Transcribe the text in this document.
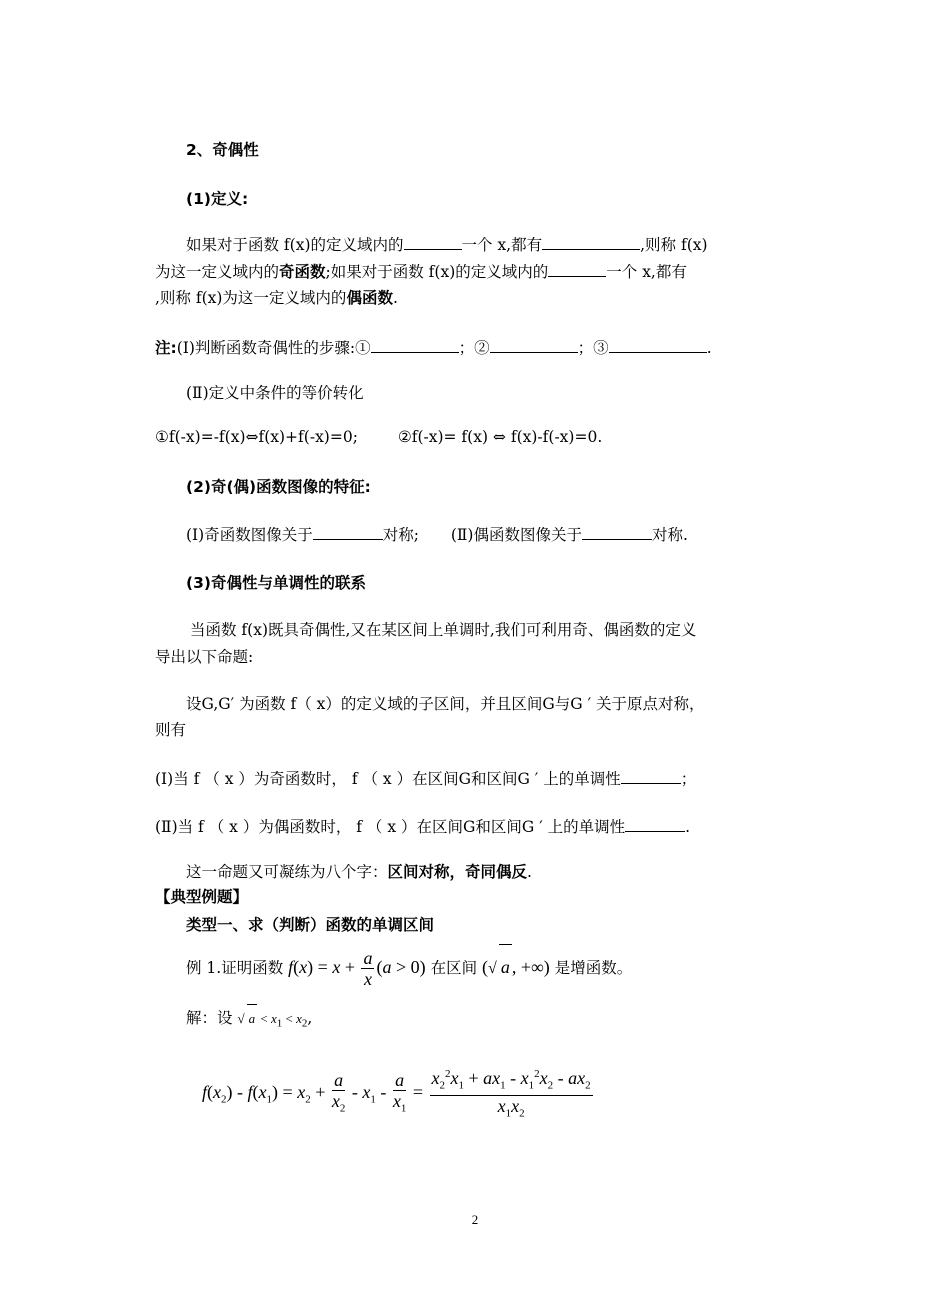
2、奇偶性
(1)定义:
如果对于函数 f(x)的定义域内的	一个 x,都有	,则称 f(x)
为这一定义域内的奇函数;如果对于函数 f(x)的定义域内的	一个 x,都有
,则称 f(x)为这一定义域内的偶函数.
注:(Ⅰ)判断函数奇偶性的步骤:①	；②	；③	.
(Ⅱ)定义中条件的等价转化
①f(-x)=-f(x)⇔f(x)+f(-x)=0;	②f(-x)= f(x) ⇔ f(x)-f(-x)=0.
(2)奇(偶)函数图像的特征:
(Ⅰ)奇函数图像关于	对称; (Ⅱ)偶函数图像关于	对称.
(3)奇偶性与单调性的联系
当函数 f(x)既具奇偶性,又在某区间上单调时,我们可利用奇、偶函数的定义
导出以下命题:
设G,G′ 为函数 f（ x）的定义域的子区间，并且区间G与G ′ 关于原点对称，
则有
(Ⅰ)当 f （ x ）为奇函数时， f （ x ）在区间G和区间G ′ 上的单调性	；
(Ⅱ)当 f （ x ）为偶函数时， f （ x ）在区间G和区间G ′ 上的单调性	.
这一命题又可凝练为八个字：区间对称，奇同偶反.
【典型例题】
类型一、求（判断）函数的单调区间
例 1.证明函数 $f(x) = x + \frac{a}{x} (a > 0)$ 在区间 (√ a , +∞) 是增函数。
解：设 √ $a < x_1 < x_2$,
$f(x_2) - f(x_1) = x_2 + \frac{a}{x_2} - x_1 - \frac{a}{x_1} = \frac{x_2^2x_1 + ax_1 - x_1^2x_2 - ax_2}{x_1x_2}$
2
